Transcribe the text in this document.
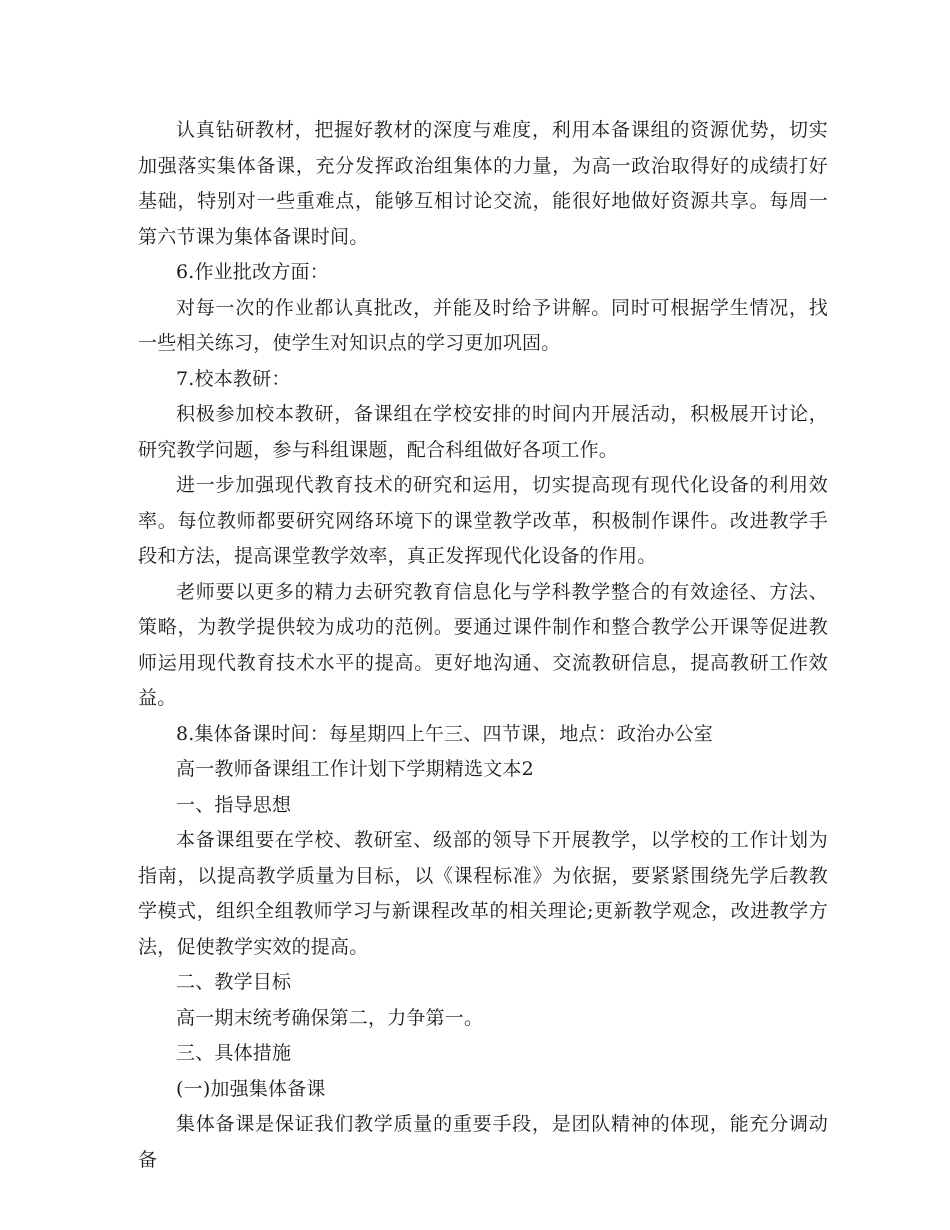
认真钻研教材，把握好教材的深度与难度，利用本备课组的资源优势，切实加强落实集体备课，充分发挥政治组集体的力量，为高一政治取得好的成绩打好基础，特别对一些重难点，能够互相讨论交流，能很好地做好资源共享。每周一第六节课为集体备课时间。

6.作业批改方面：

对每一次的作业都认真批改，并能及时给予讲解。同时可根据学生情况，找一些相关练习，使学生对知识点的学习更加巩固。

7.校本教研：

积极参加校本教研，备课组在学校安排的时间内开展活动，积极展开讨论，研究教学问题，参与科组课题，配合科组做好各项工作。

进一步加强现代教育技术的研究和运用，切实提高现有现代化设备的利用效率。每位教师都要研究网络环境下的课堂教学改革，积极制作课件。改进教学手段和方法，提高课堂教学效率，真正发挥现代化设备的作用。

老师要以更多的精力去研究教育信息化与学科教学整合的有效途径、方法、策略，为教学提供较为成功的范例。要通过课件制作和整合教学公开课等促进教师运用现代教育技术水平的提高。更好地沟通、交流教研信息，提高教研工作效益。

8.集体备课时间：每星期四上午三、四节课，地点：政治办公室

高一教师备课组工作计划下学期精选文本2

一、指导思想

本备课组要在学校、教研室、级部的领导下开展教学，以学校的工作计划为指南，以提高教学质量为目标，以《课程标准》为依据，要紧紧围绕先学后教教学模式，组织全组教师学习与新课程改革的相关理论;更新教学观念，改进教学方法，促使教学实效的提高。

二、教学目标

高一期末统考确保第二，力争第一。

三、具体措施

(一)加强集体备课

集体备课是保证我们教学质量的重要手段，是团队精神的体现，能充分调动备
